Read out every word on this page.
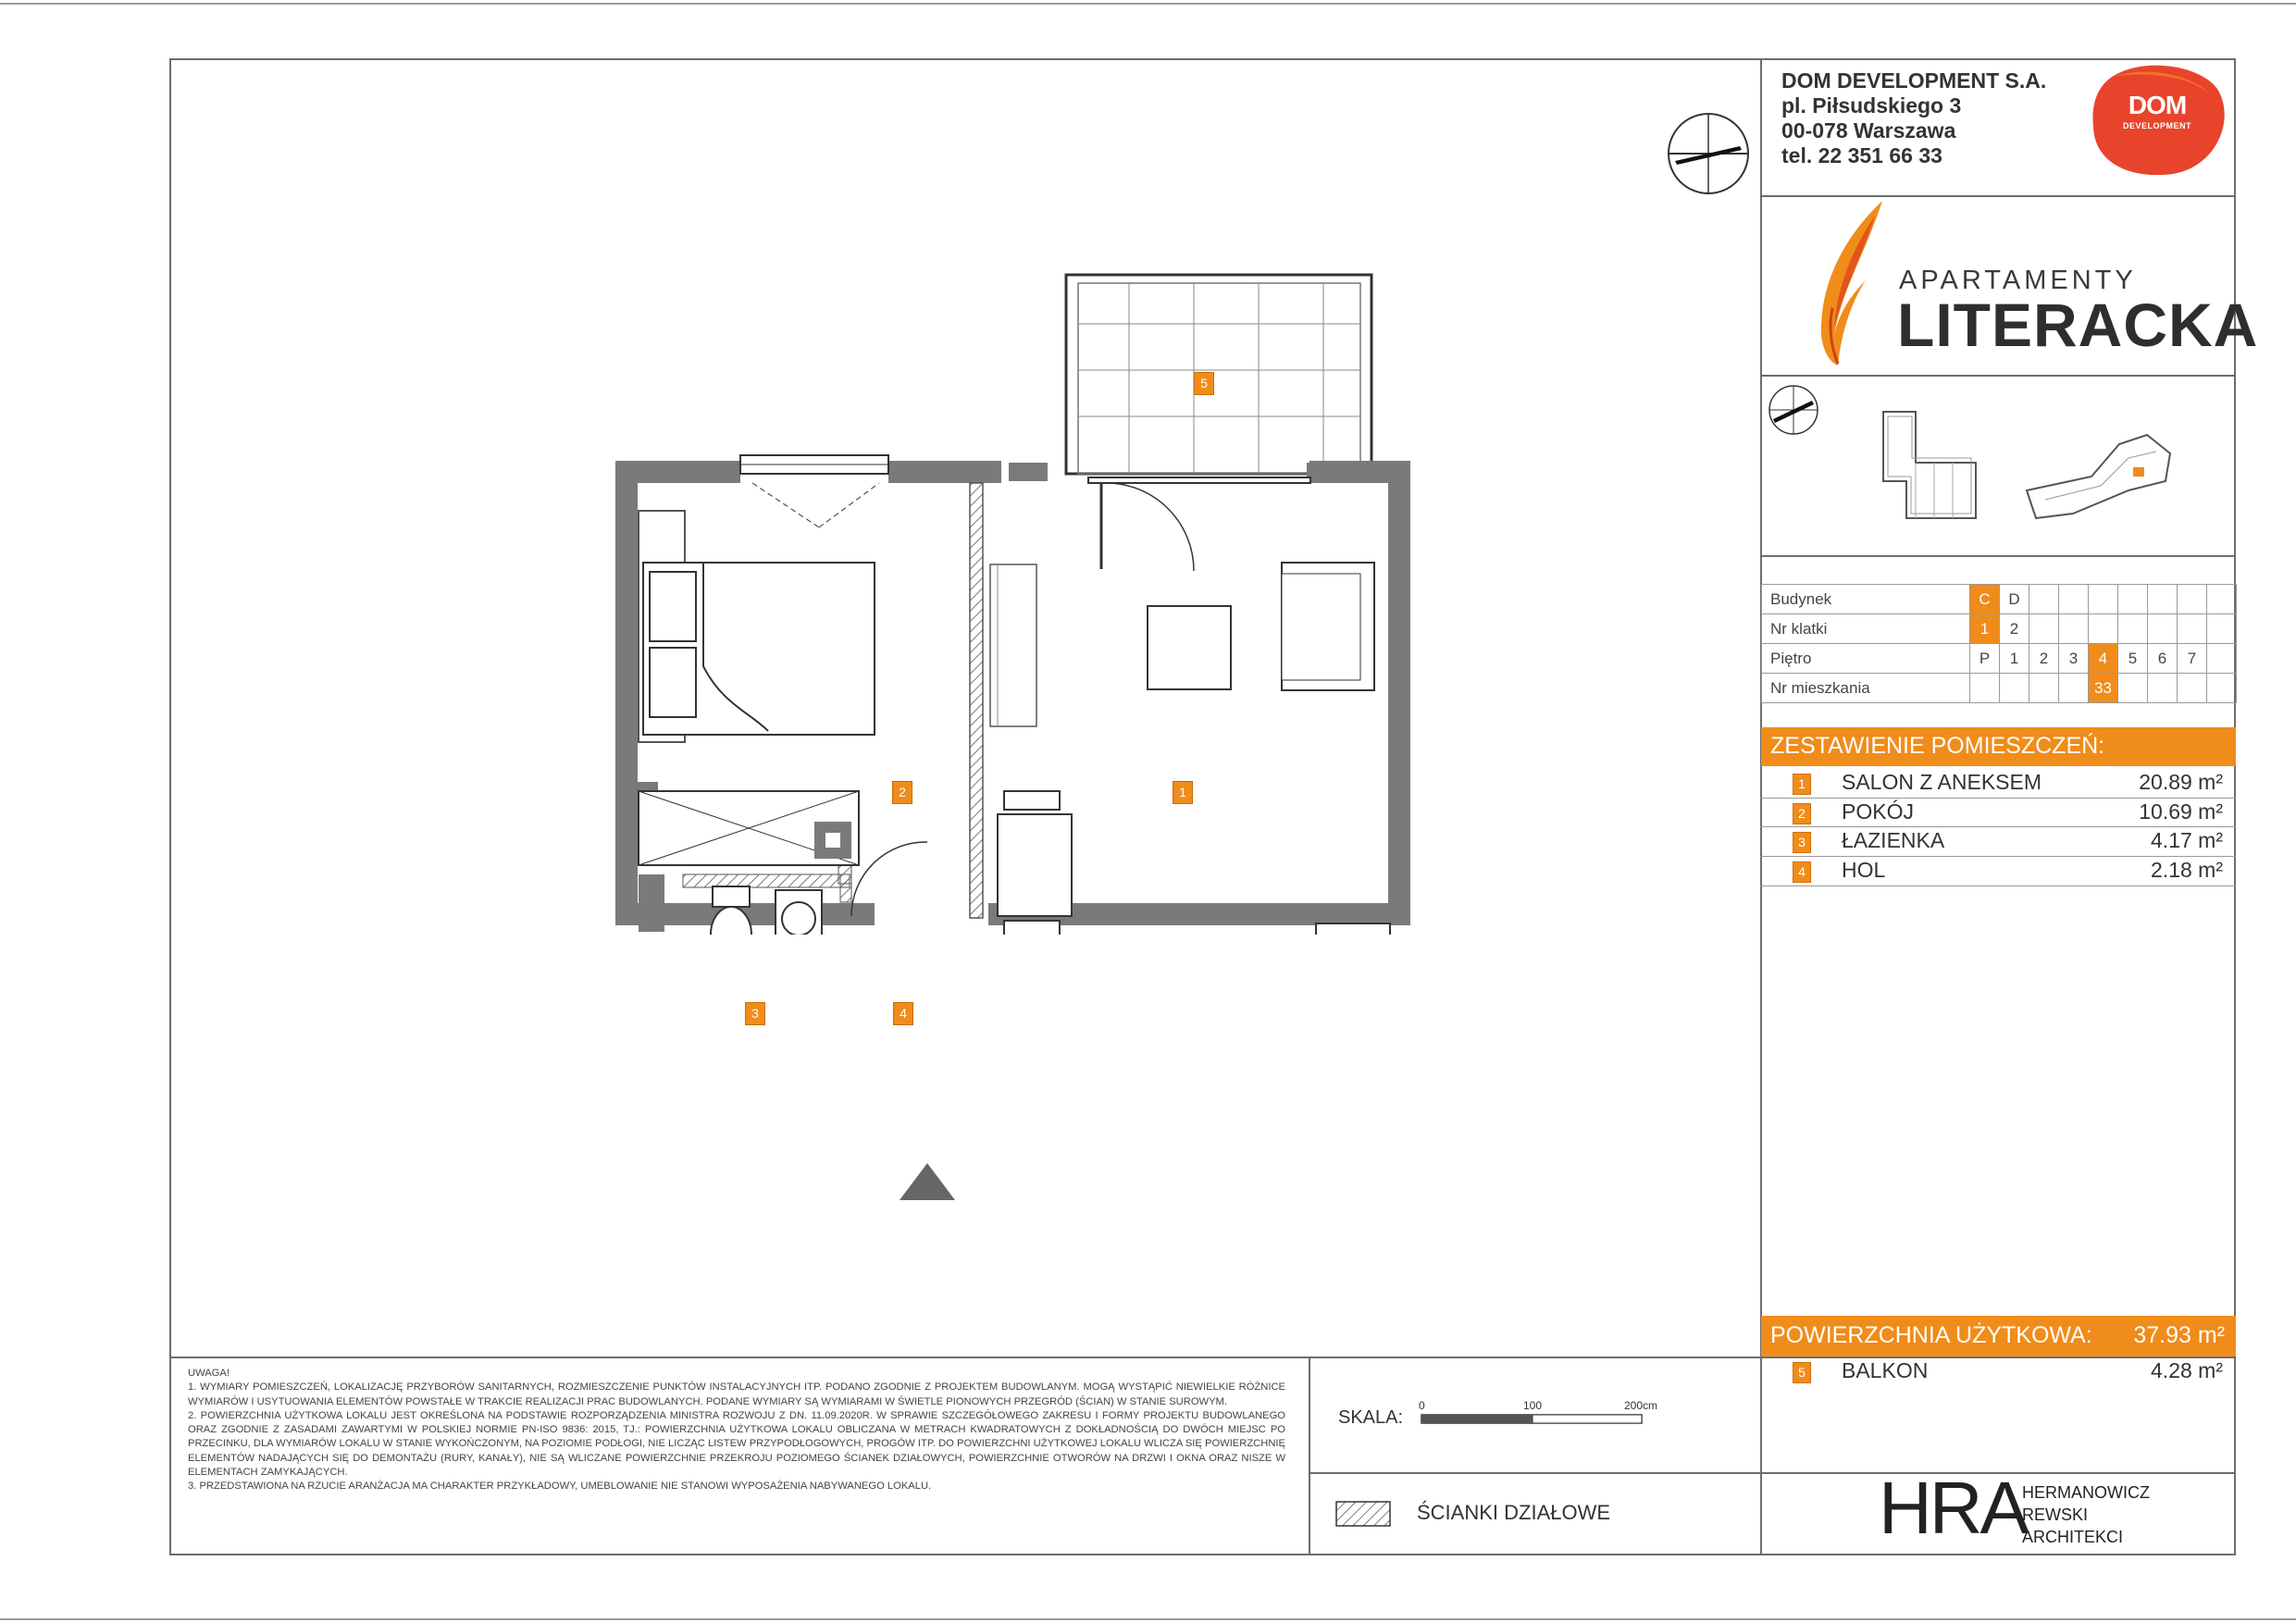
DOM DEVELOPMENT S.A.
pl. Piłsudskiego 3
00-078 Warszawa
tel. 22 351 66 33
DOM
DEVELOPMENT
APARTAMENTY
LITERACKA
Budynek	C	D							
Nr klatki	1	2							
Piętro	P	1	2	3	4	5	6	7	
Nr mieszkania					33				
ZESTAWIENIE POMIESZCZEŃ:
1 SALON Z ANEKSEM	20.89 m²
2 POKÓJ	10.69 m²
3 ŁAZIENKA	4.17 m²
4 HOL	2.18 m²
POWIERZCHNIA UŻYTKOWA: 37.93 m²
5 BALKON	4.28 m²
5
1
2
3	4
UWAGA!
1. WYMIARY POMIESZCZEŃ, LOKALIZACJĘ PRZYBORÓW SANITARNYCH, ROZMIESZCZENIE PUNKTÓW INSTALACYJNYCH ITP. PODANO ZGODNIE Z PROJEKTEM BUDOWLANYM. MOGĄ WYSTĄPIĆ NIEWIELKIE RÓŻNICE WYMIARÓW I USYTUOWANIA ELEMENTÓW POWSTAŁE W TRAKCIE REALIZACJI PRAC BUDOWLANYCH. PODANE WYMIARY SĄ WYMIARAMI W ŚWIETLE PIONOWYCH PRZEGRÓD (ŚCIAN) W STANIE SUROWYM.
2. POWIERZCHNIA UŻYTKOWA LOKALU JEST OKREŚLONA NA PODSTAWIE ROZPORZĄDZENIA MINISTRA ROZWOJU Z DN. 11.09.2020R. W SPRAWIE SZCZEGÓŁOWEGO ZAKRESU I FORMY PROJEKTU BUDOWLANEGO ORAZ ZGODNIE Z ZASADAMI ZAWARTYMI W POLSKIEJ NORMIE PN-ISO 9836: 2015, TJ.: POWIERZCHNIA UŻYTKOWA LOKALU OBLICZANA W METRACH KWADRATOWYCH Z DOKŁADNOŚCIĄ DO DWÓCH MIEJSC PO PRZECINKU, DLA WYMIARÓW LOKALU W STANIE WYKOŃCZONYM, NA POZIOMIE PODŁOGI, NIE LICZĄC LISTEW PRZYPODŁOGOWYCH, PROGÓW ITP. DO POWIERZCHNI UŻYTKOWEJ LOKALU WLICZA SIĘ POWIERZCHNIĘ ELEMENTÓW NADAJĄCYCH SIĘ DO DEMONTAŻU (RURY, KANAŁY), NIE SĄ WLICZANE POWIERZCHNIE PRZEKROJU POZIOMEGO ŚCIANEK DZIAŁOWYCH, POWIERZCHNIE OTWORÓW NA DRZWI I OKNA ORAZ NISZE W ELEMENTACH ZAMYKAJĄCYCH.
3. PRZEDSTAWIONA NA RZUCIE ARANŻACJA MA CHARAKTER PRZYKŁADOWY, UMEBLOWANIE NIE STANOWI WYPOSAŻENIA NABYWANEGO LOKALU.
SKALA:
0	100	200cm
ŚCIANKI DZIAŁOWE	HRA
HERMANOWICZ
REWSKI
ARCHITEKCI
